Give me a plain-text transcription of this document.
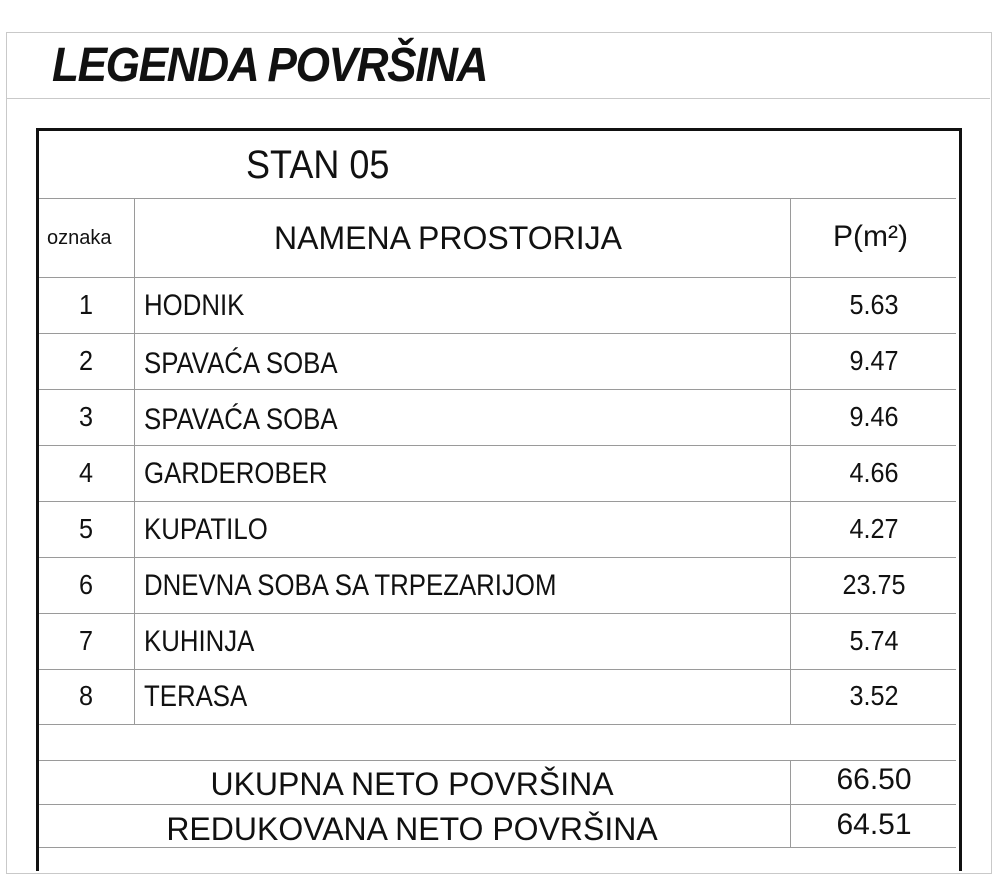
LEGENDA POVRŠINA
STAN 05
oznaka	NAMENA PROSTORIJA	P(m²)
1	HODNIK	5.63
2	SPAVAĆA SOBA	9.47
3	SPAVAĆA SOBA	9.46
4	GARDEROBER	4.66
5	KUPATILO	4.27
6	DNEVNA SOBA SA TRPEZARIJOM	23.75
7	KUHINJA	5.74
8	TERASA	3.52
UKUPNA NETO POVRŠINA	66.50
REDUKOVANA NETO POVRŠINA	64.51
